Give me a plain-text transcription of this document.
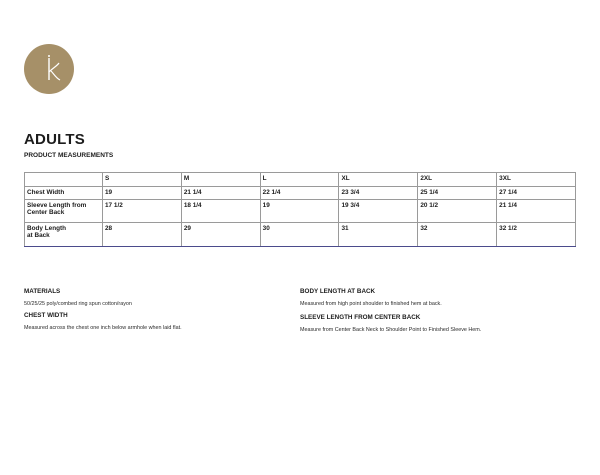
ADULTS
PRODUCT MEASUREMENTS
	S	M	L	XL	2XL	3XL
Chest Width	19	21 1/4	22 1/4	23 3/4	25 1/4	27 1/4
Sleeve Length from
Center Back	17 1/2	18 1/4	19	19 3/4	20 1/2	21 1/4
Body Length
at Back	28	29	30	31	32	32 1/2
MATERIALS
50/25/25 poly/combed ring spun cotton/rayon
CHEST WIDTH
Measured across the chest one inch below armhole when laid flat.
BODY LENGTH AT BACK
Measured from high point shoulder to finished hem at back.
SLEEVE LENGTH FROM CENTER BACK
Measure from Center Back Neck to Shoulder Point to Finished Sleeve Hem.
